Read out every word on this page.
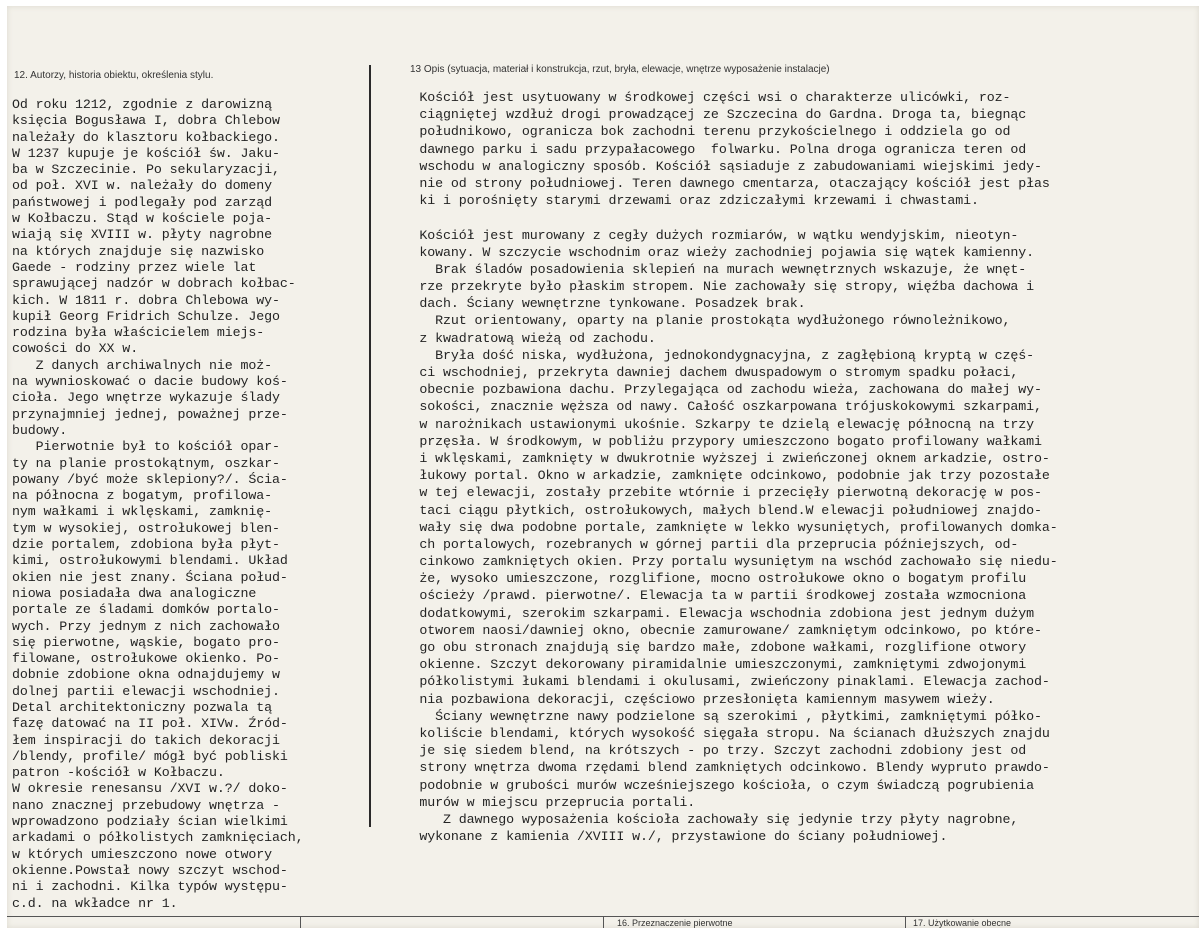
12. Autorzy, historia obiektu, określenia stylu.
13 Opis (sytuacja, materiał i konstrukcja, rzut, bryła, elewacje, wnętrze wyposażenie instalacje)
Od roku 1212, zgodnie z darowizną
księcia Bogusława I, dobra Chlebow
należały do klasztoru kołbackiego.
W 1237 kupuje je kościół św. Jaku-
ba w Szczecinie. Po sekularyzacji,
od poł. XVI w. należały do domeny
państwowej i podlegały pod zarząd
w Kołbaczu. Stąd w kościele poja-
wiają się XVIII w. płyty nagrobne
na których znajduje się nazwisko
Gaede - rodziny przez wiele lat
sprawującej nadzór w dobrach kołbac-
kich. W 1811 r. dobra Chlebowa wy-
kupił Georg Fridrich Schulze. Jego
rodzina była właścicielem miejs-
cowości do XX w.
Z danych archiwalnych nie moż-
na wywnioskować o dacie budowy koś-
cioła. Jego wnętrze wykazuje ślady
przynajmniej jednej, poważnej prze-
budowy.
Pierwotnie był to kościół opar-
ty na planie prostokątnym, oszkar-
powany /być może sklepiony?/. Ścia-
na północna z bogatym, profilowa-
nym wałkami i wklęskami, zamknię-
tym w wysokiej, ostrołukowej blen-
dzie portalem, zdobiona była płyt-
kimi, ostrołukowymi blendami. Układ
okien nie jest znany. Ściana połud-
niowa posiadała dwa analogiczne
portale ze śladami domków portalo-
wych. Przy jednym z nich zachowało
się pierwotne, wąskie, bogato pro-
filowane, ostrołukowe okienko. Po-
dobnie zdobione okna odnajdujemy w
dolnej partii elewacji wschodniej.
Detal architektoniczny pozwala tą
fazę datować na II poł. XIVw. Źród-
łem inspiracji do takich dekoracji
/blendy, profile/ mógł być pobliski
patron -kościół w Kołbaczu.
W okresie renesansu /XVI w.?/ doko-
nano znacznej przebudowy wnętrza -
wprowadzono podziały ścian wielkimi
arkadami o półkolistych zamknięciach,
w których umieszczono nowe otwory
okienne.Powstał nowy szczyt wschod-
ni i zachodni. Kilka typów występu-
c.d. na wkładce nr 1.
Kościół jest usytuowany w środkowej części wsi o charakterze ulicówki, roz-
ciągniętej wzdłuż drogi prowadzącej ze Szczecina do Gardna. Droga ta, biegnąc
południkowo, ogranicza bok zachodni terenu przykościelnego i oddziela go od
dawnego parku i sadu przypałacowego  folwarku. Polna droga ogranicza teren od
wschodu w analogiczny sposób. Kościół sąsiaduje z zabudowaniami wiejskimi jedy-
nie od strony południowej. Teren dawnego cmentarza, otaczający kościół jest płas
ki i porośnięty starymi drzewami oraz zdziczałymi krzewami i chwastami.
Kościół jest murowany z cegły dużych rozmiarów, w wątku wendyjskim, nieotyn-
kowany. W szczycie wschodnim oraz wieży zachodniej pojawia się wątek kamienny.
Brak śladów posadowienia sklepień na murach wewnętrznych wskazuje, że wnęt-
rze przekryte było płaskim stropem. Nie zachowały się stropy, więźba dachowa i
dach. Ściany wewnętrzne tynkowane. Posadzek brak.
Rzut orientowany, oparty na planie prostokąta wydłużonego równoleżnikowo,
z kwadratową wieżą od zachodu.
Bryła dość niska, wydłużona, jednokondygnacyjna, z zagłębioną kryptą w częś-
ci wschodniej, przekryta dawniej dachem dwuspadowym o stromym spadku połaci,
obecnie pozbawiona dachu. Przylegająca od zachodu wieża, zachowana do małej wy-
sokości, znacznie węższa od nawy. Całość oszkarpowana trójuskokowymi szkarpami,
w narożnikach ustawionymi ukośnie. Szkarpy te dzielą elewację północną na trzy
przęsła. W środkowym, w pobliżu przypory umieszczono bogato profilowany wałkami
i wklęskami, zamknięty w dwukrotnie wyższej i zwieńczonej oknem arkadzie, ostro-
łukowy portal. Okno w arkadzie, zamknięte odcinkowo, podobnie jak trzy pozostałe
w tej elewacji, zostały przebite wtórnie i przecięły pierwotną dekorację w pos-
taci ciągu płytkich, ostrołukowych, małych blend.W elewacji południowej znajdo-
wały się dwa podobne portale, zamknięte w lekko wysuniętych, profilowanych domka-
ch portalowych, rozebranych w górnej partii dla przeprucia późniejszych, od-
cinkowo zamkniętych okien. Przy portalu wysuniętym na wschód zachowało się niedu-
że, wysoko umieszczone, rozglifione, mocno ostrołukowe okno o bogatym profilu
ościeży /prawd. pierwotne/. Elewacja ta w partii środkowej została wzmocniona
dodatkowymi, szerokim szkarpami. Elewacja wschodnia zdobiona jest jednym dużym
otworem naosi/dawniej okno, obecnie zamurowane/ zamkniętym odcinkowo, po które-
go obu stronach znajdują się bardzo małe, zdobone wałkami, rozglifione otwory
okienne. Szczyt dekorowany piramidalnie umieszczonymi, zamkniętymi zdwojonymi
półkolistymi łukami blendami i okulusami, zwieńczony pinaklami. Elewacja zachod-
nia pozbawiona dekoracji, częściowo przesłonięta kamiennym masywem wieży.
Ściany wewnętrzne nawy podzielone są szerokimi , płytkimi, zamkniętymi półko-
koliście blendami, których wysokość sięgała stropu. Na ścianach dłuższych znajdu
je się siedem blend, na krótszych - po trzy. Szczyt zachodni zdobiony jest od
strony wnętrza dwoma rzędami blend zamkniętych odcinkowo. Blendy wypruto prawdo-
podobnie w grubości murów wcześniejszego kościoła, o czym świadczą pogrubienia
murów w miejscu przeprucia portali.
Z dawnego wyposażenia kościoła zachowały się jedynie trzy płyty nagrobne,
wykonane z kamienia /XVIII w./, przystawione do ściany południowej.
16. Przeznaczenie pierwotne	17. Użytkowanie obecne
